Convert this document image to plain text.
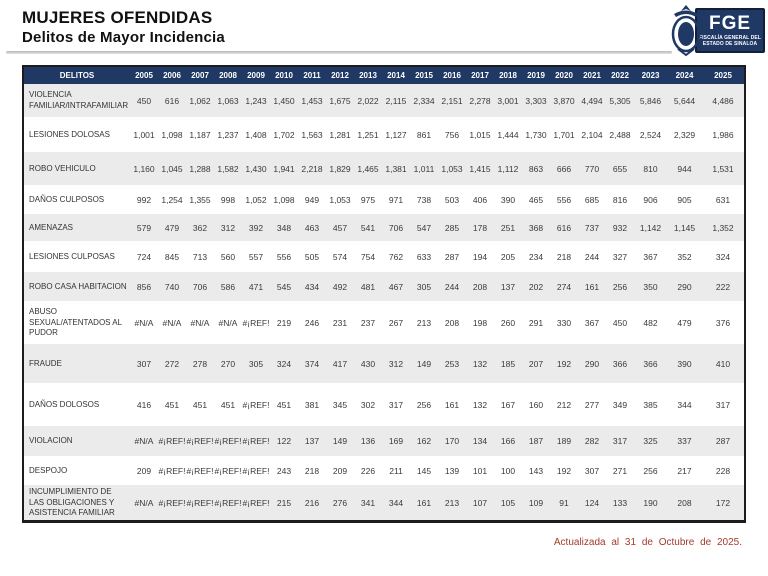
MUJERES OFENDIDAS
Delitos de Mayor Incidencia
FGE
FISCALÍA GENERAL DEL
ESTADO DE SINALOA
DELITOS	2005	2006	2007	2008	2009	2010	2011	2012	2013	2014	2015	2016	2017	2018	2019	2020	2021	2022	2023	2024	2025
VIOLENCIA FAMILIAR/INTRAFAMILIAR	450	616	1,062	1,063	1,243	1,450	1,453	1,675	2,022	2,115	2,334	2,151	2,278	3,001	3,303	3,870	4,494	5,305	5,846	5,644	4,486
LESIONES DOLOSAS	1,001	1,098	1,187	1,237	1,408	1,702	1,563	1,281	1,251	1,127	861	756	1,015	1,444	1,730	1,701	2,104	2,488	2,524	2,329	1,986
ROBO VEHICULO	1,160	1,045	1,288	1,582	1,430	1,941	2,218	1,829	1,465	1,381	1,011	1,053	1,415	1,112	863	666	770	655	810	944	1,531
DAÑOS CULPOSOS	992	1,254	1,355	998	1,052	1,098	949	1,053	975	971	738	503	406	390	465	556	685	816	906	905	631
AMENAZAS	579	479	362	312	392	348	463	457	541	706	547	285	178	251	368	616	737	932	1,142	1,145	1,352
LESIONES CULPOSAS	724	845	713	560	557	556	505	574	754	762	633	287	194	205	234	218	244	327	367	352	324
ROBO CASA HABITACION	856	740	706	586	471	545	434	492	481	467	305	244	208	137	202	274	161	256	350	290	222
ABUSO SEXUAL/ATENTADOS AL PUDOR	#N/A	#N/A	#N/A	#N/A	#¡REF!	219	246	231	237	267	213	208	198	260	291	330	367	450	482	479	376
FRAUDE	307	272	278	270	305	324	374	417	430	312	149	253	132	185	207	192	290	366	366	390	410
DAÑOS DOLOSOS	416	451	451	451	#¡REF!	451	381	345	302	317	256	161	132	167	160	212	277	349	385	344	317
VIOLACION	#N/A	#¡REF!	#¡REF!	#¡REF!	#¡REF!	122	137	149	136	169	162	170	134	166	187	189	282	317	325	337	287
DESPOJO	209	#¡REF!	#¡REF!	#¡REF!	#¡REF!	243	218	209	226	211	145	139	101	100	143	192	307	271	256	217	228
INCUMPLIMIENTO DE LAS OBLIGACIONES Y ASISTENCIA FAMILIAR	#N/A	#¡REF!	#¡REF!	#¡REF!	#¡REF!	215	216	276	341	344	161	213	107	105	109	91	124	133	190	208	172
Actualizada al 31 de Octubre de 2025.
